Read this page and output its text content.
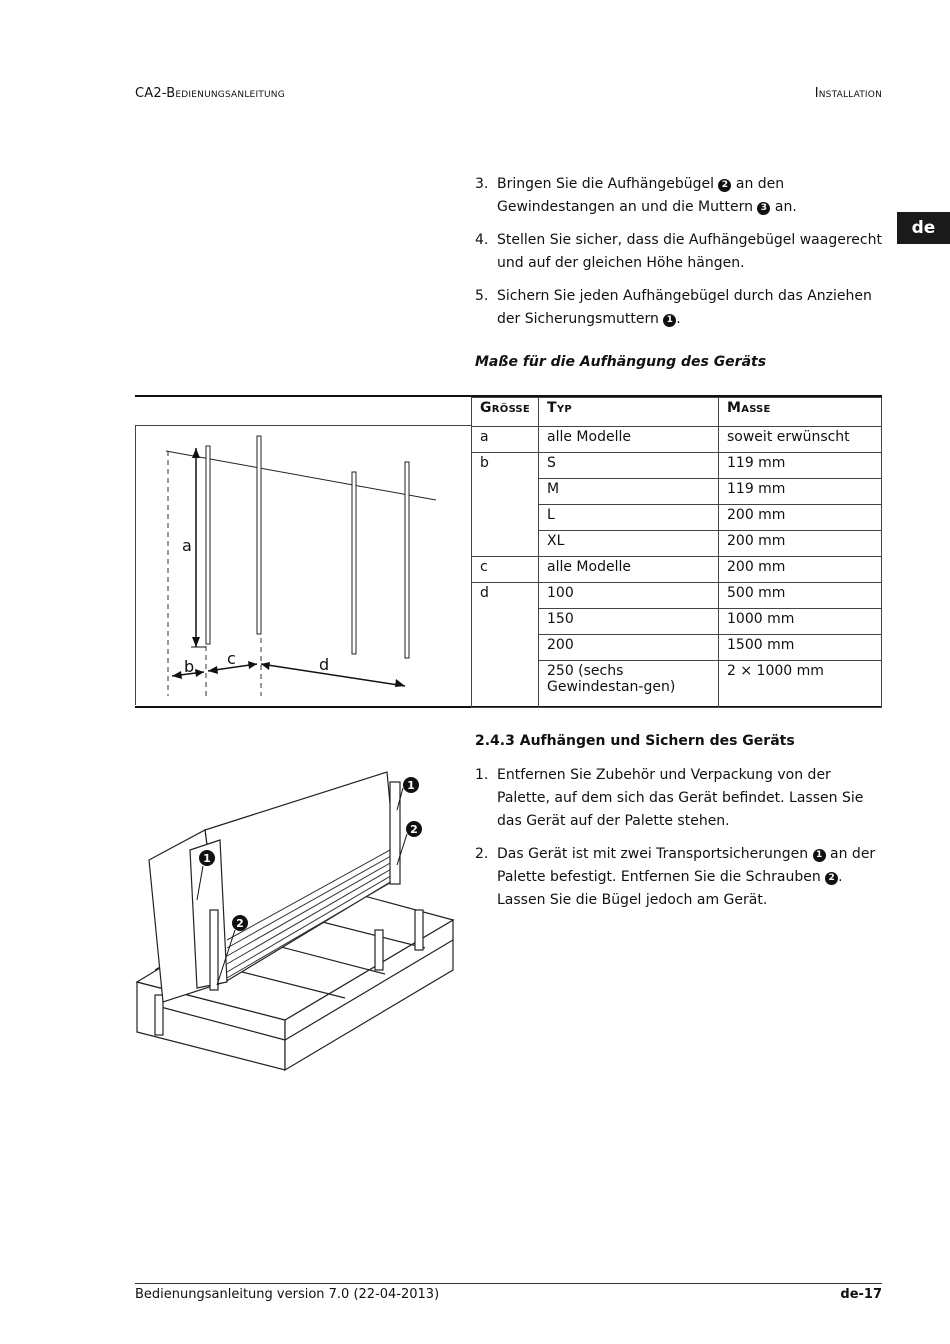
CA2-Bedienungsanleitung	Installation
de
3. Bringen Sie die Aufhängebügel 2 an den Gewindestangen an und die Muttern 3 an.
4. Stellen Sie sicher, dass die Aufhängebügel waagerecht und auf der gleichen Höhe hängen.
5. Sichern Sie jeden Aufhängebügel durch das Anziehen der Sicherungsmuttern 1 .
Maße für die Aufhängung des Geräts
a
b c	d
Größe	Typ	Maße
a	alle Modelle	soweit erwünscht
b	S	119 mm
	M	119 mm
	L	200 mm
	XL	200 mm
c	alle Modelle	200 mm
d	100	500 mm
	150	1000 mm
	200	1500 mm
	250 (sechs Gewindestan-gen)	2 × 1000 mm
2.4.3 Aufhängen und Sichern des Geräts
1
2
1
2
1. Entfernen Sie Zubehör und Verpackung von der Palette, auf dem sich das Gerät befindet. Lassen Sie das Gerät auf der Palette stehen.
2. Das Gerät ist mit zwei Transportsicherungen 1 an der Palette befestigt. Entfernen Sie die Schrauben 2 . Lassen Sie die Bügel jedoch am Gerät.
Bedienungsanleitung version 7.0 (22-04-2013)	de-17
